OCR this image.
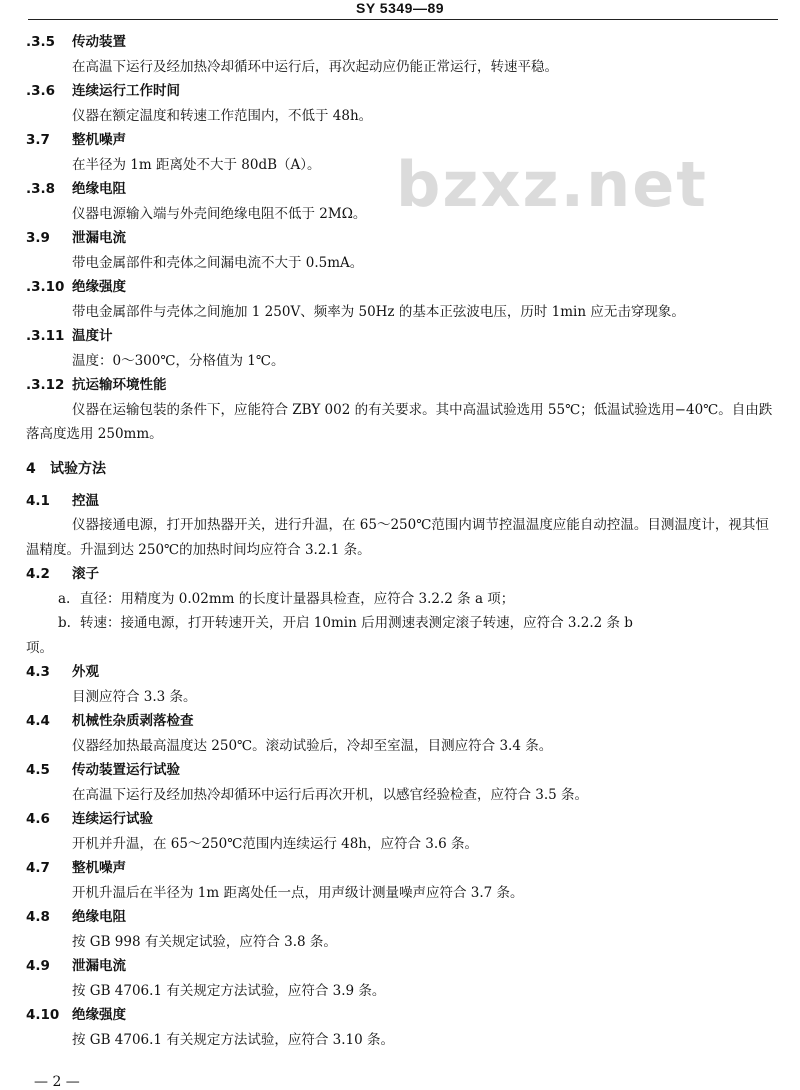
SY 5349—89
bzxz.net
.3.5 传动装置
在高温下运行及经加热冷却循环中运行后，再次起动应仍能正常运行，转速平稳。
.3.6 连续运行工作时间
仪器在额定温度和转速工作范围内，不低于 48h。
3.7 整机噪声
在半径为 1m 距离处不大于 80dB（A）。
.3.8 绝缘电阻
仪器电源输入端与外壳间绝缘电阻不低于 2MΩ。
3.9 泄漏电流
带电金属部件和壳体之间漏电流不大于 0.5mA。
.3.10 绝缘强度
带电金属部件与壳体之间施加 1 250V、频率为 50Hz 的基本正弦波电压，历时 1min 应无击穿现象。
.3.11 温度计
温度：0～300℃，分格值为 1℃。
.3.12 抗运输环境性能
仪器在运输包装的条件下，应能符合 ZBY 002 的有关要求。其中高温试验选用 55℃；低温试验选用−40℃。自由跌落高度选用 250mm。
4 试验方法
4.1 控温
仪器接通电源，打开加热器开关，进行升温，在 65～250℃范围内调节控温温度应能自动控温。目测温度计，视其恒温精度。升温到达 250℃的加热时间均应符合 3.2.1 条。
4.2 滚子
a. 直径：用精度为 0.02mm 的长度计量器具检查，应符合 3.2.2 条 a 项；
b. 转速：接通电源，打开转速开关，开启 10min 后用测速表测定滚子转速，应符合 3.2.2 条 b
项。
4.3 外观
目测应符合 3.3 条。
4.4 机械性杂质剥落检查
仪器经加热最高温度达 250℃。滚动试验后，冷却至室温，目测应符合 3.4 条。
4.5 传动装置运行试验
在高温下运行及经加热冷却循环中运行后再次开机，以感官经验检查，应符合 3.5 条。
4.6 连续运行试验
开机并升温，在 65～250℃范围内连续运行 48h，应符合 3.6 条。
4.7 整机噪声
开机升温后在半径为 1m 距离处任一点，用声级计测量噪声应符合 3.7 条。
4.8 绝缘电阻
按 GB 998 有关规定试验，应符合 3.8 条。
4.9 泄漏电流
按 GB 4706.1 有关规定方法试验，应符合 3.9 条。
4.10 绝缘强度
按 GB 4706.1 有关规定方法试验，应符合 3.10 条。
— 2 —
